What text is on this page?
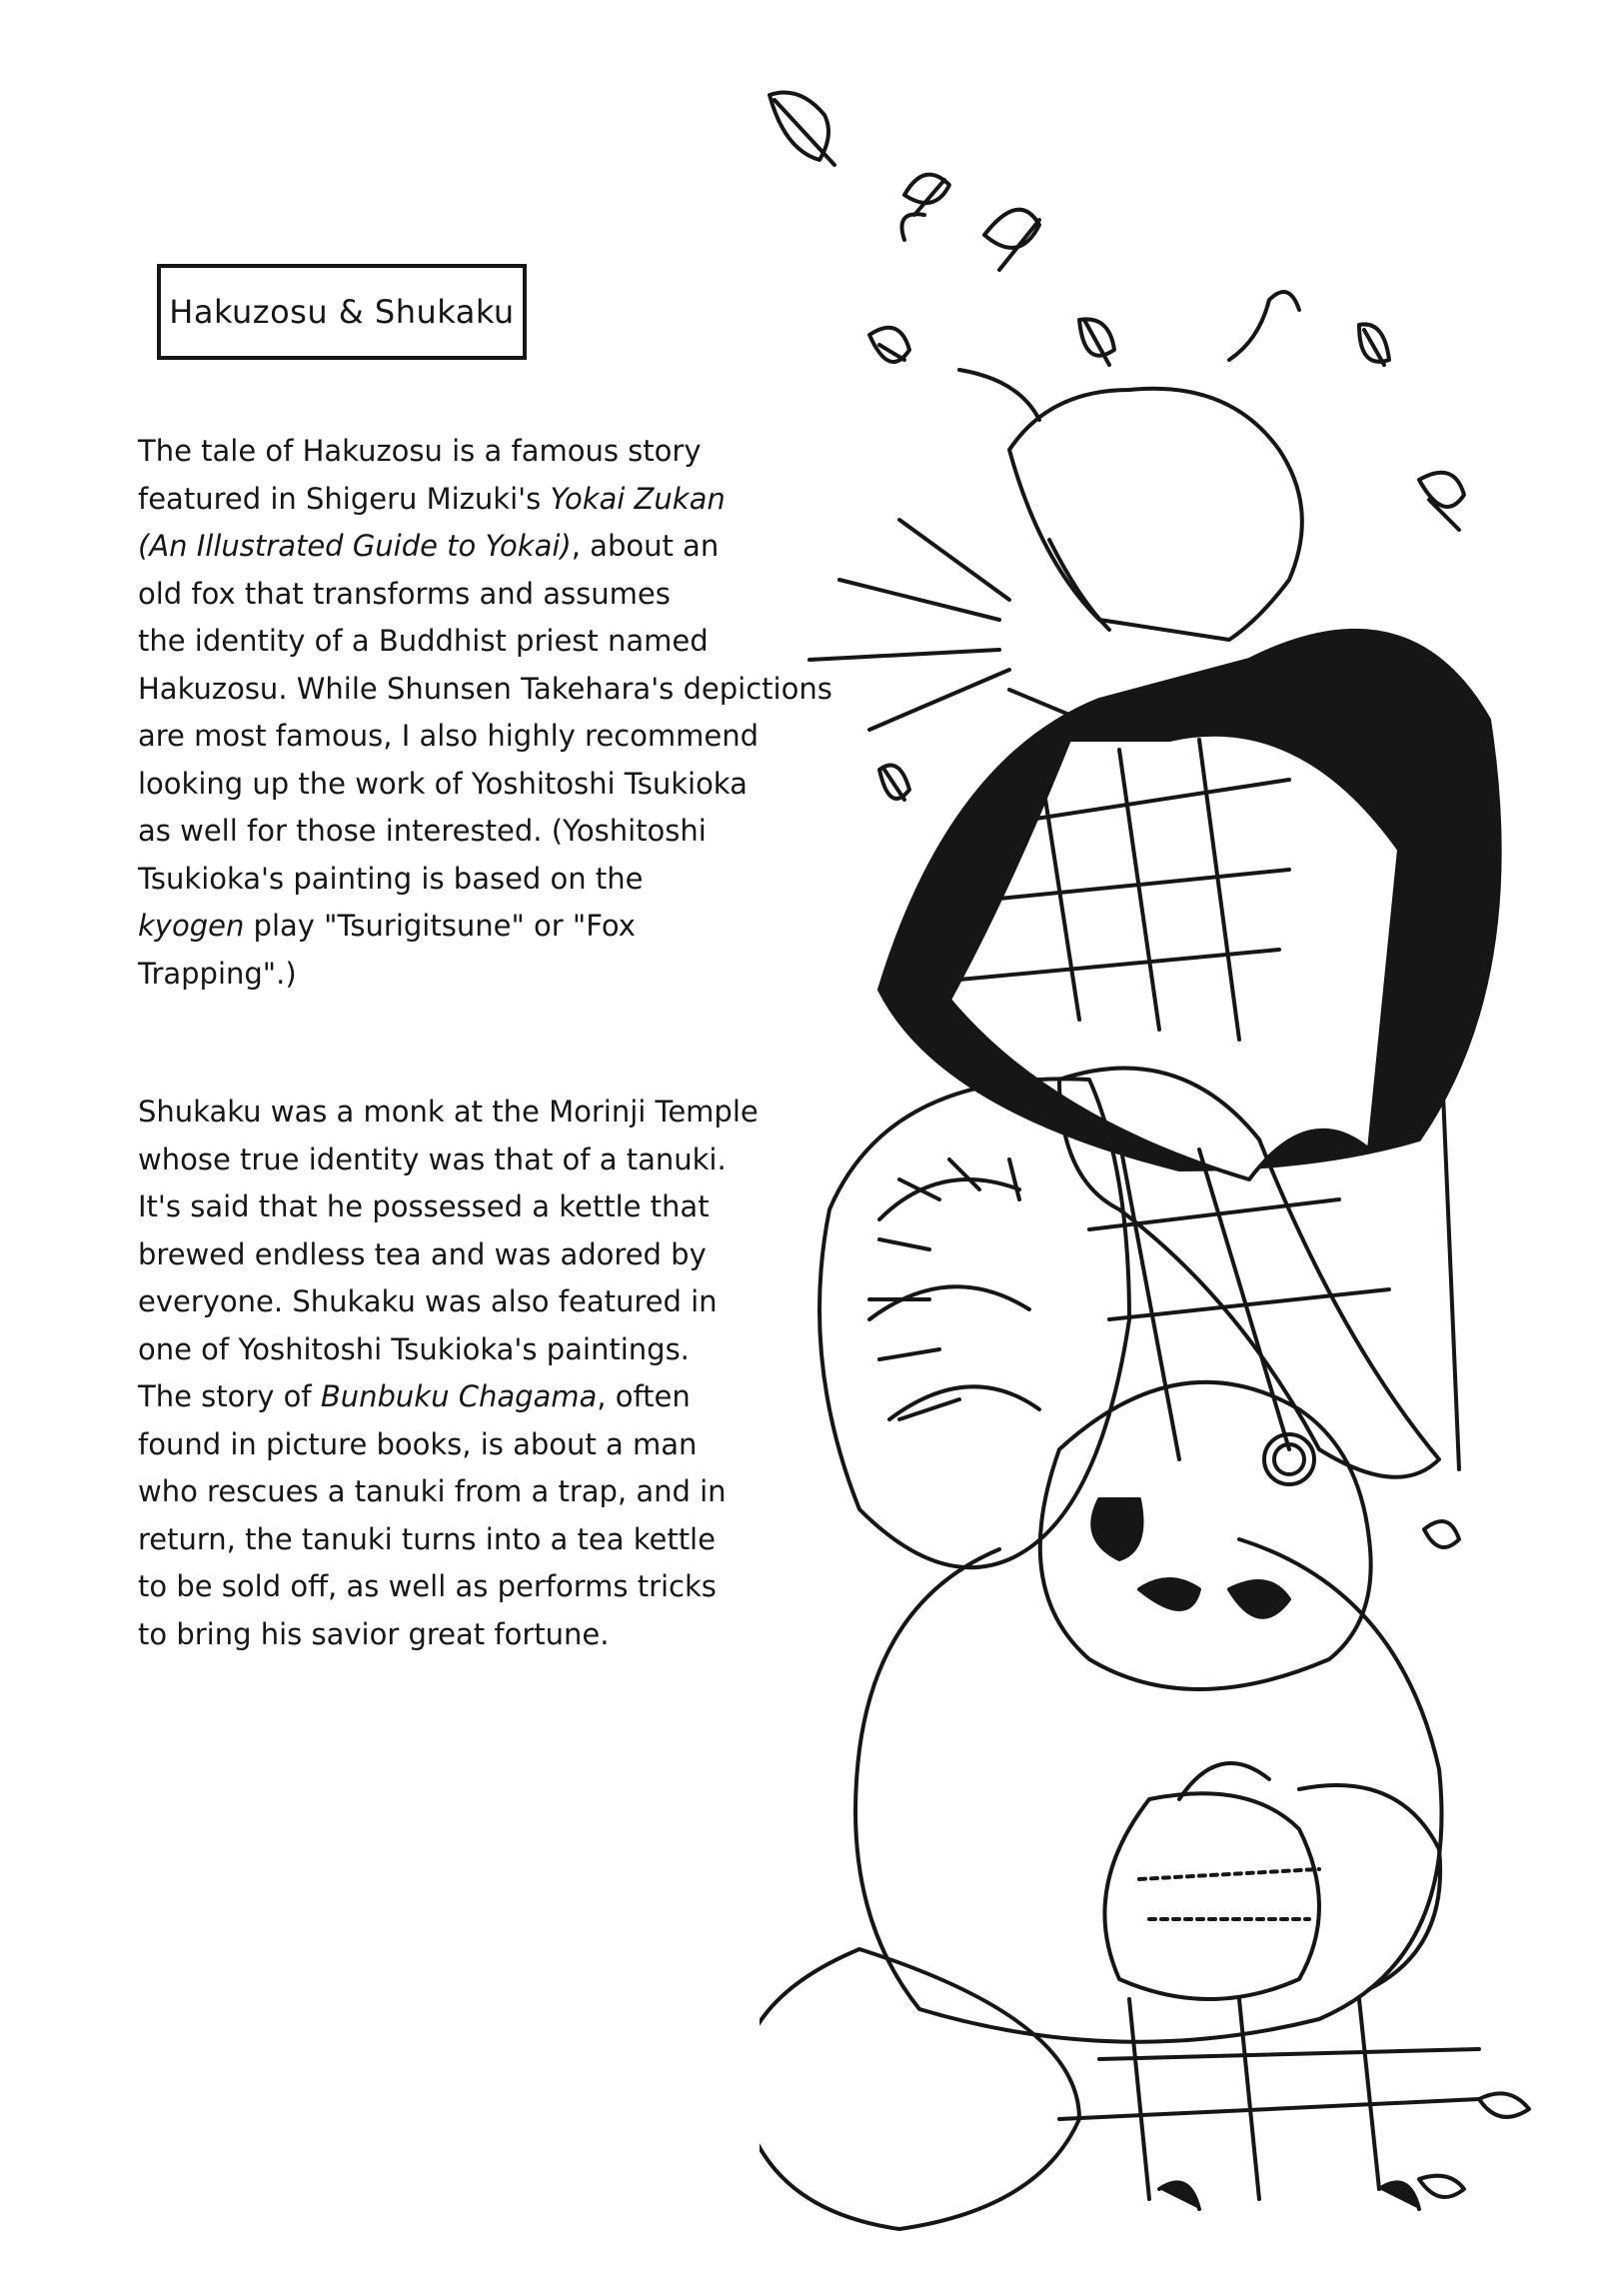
Hakuzosu & Shukaku

The tale of Hakuzosu is a famous story

featured in Shigeru Mizuki's Yokai Zukan

(An Illustrated Guide to Yokai), about an

old fox that transforms and assumes

the identity of a Buddhist priest named

Hakuzosu. While Shunsen Takehara's depictions

are most famous, I also highly recommend

looking up the work of Yoshitoshi Tsukioka

as well for those interested. (Yoshitoshi

Tsukioka's painting is based on the

kyogen play "Tsurigitsune" or "Fox

Trapping".)

Shukaku was a monk at the Morinji Temple

whose true identity was that of a tanuki.

It's said that he possessed a kettle that

brewed endless tea and was adored by

everyone. Shukaku was also featured in

one of Yoshitoshi Tsukioka's paintings.

The story of Bunbuku Chagama, often

found in picture books, is about a man

who rescues a tanuki from a trap, and in

return, the tanuki turns into a tea kettle

to be sold off, as well as performs tricks

to bring his savior great fortune.
